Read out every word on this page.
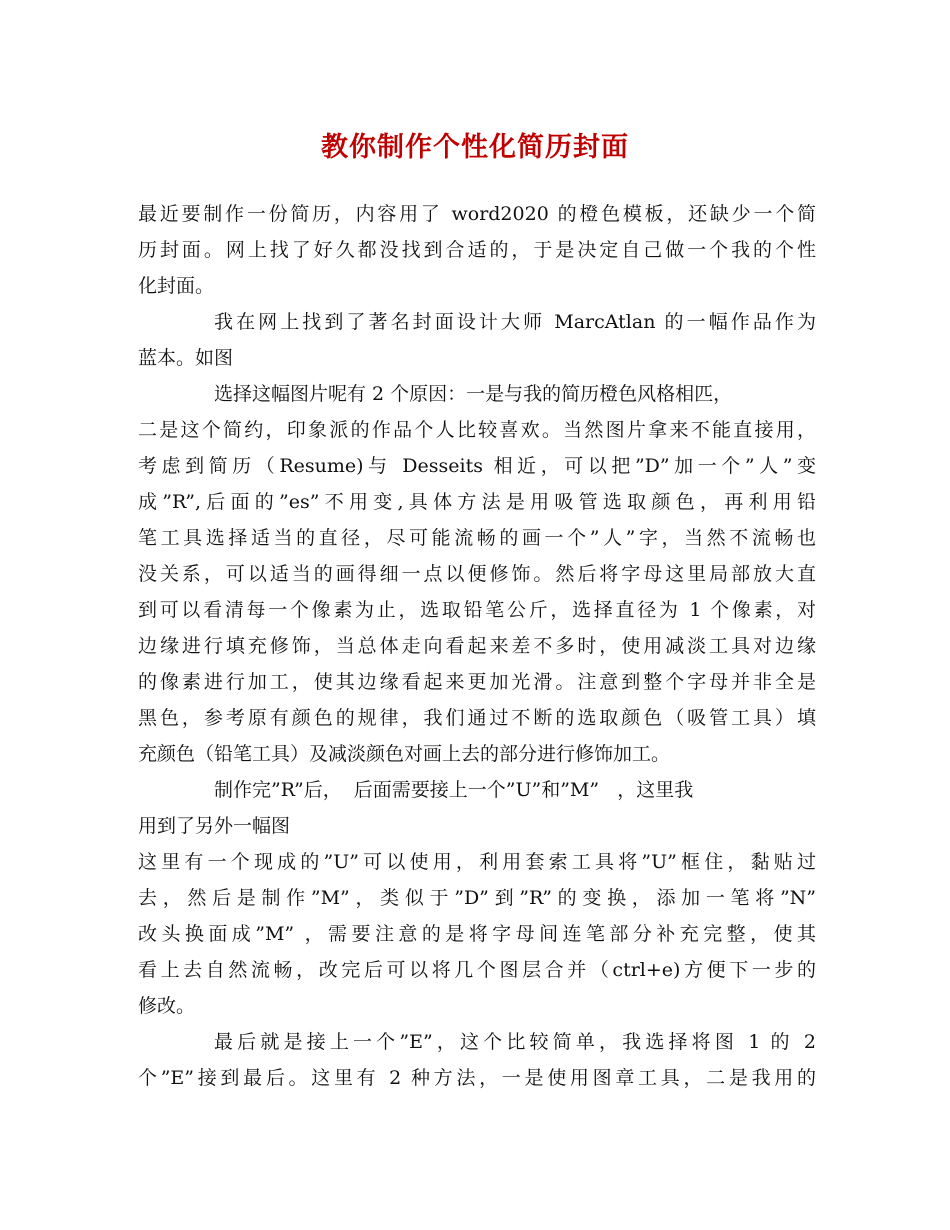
教你制作个性化简历封面
最近要制作一份简历，内容用了 word2020 的橙色模板，还缺少一个简
历封面。网上找了好久都没找到合适的，于是决定自己做一个我的个性
化封面。
我在网上找到了著名封面设计大师 MarcAtlan 的一幅作品作为
蓝本。如图
选择这幅图片呢有 2 个原因：一是与我的简历橙色风格相匹，
二是这个简约，印象派的作品个人比较喜欢。当然图片拿来不能直接用，
考虑到简历（Resume)与 Desseits 相近，可以把”D”加一个”人”变
成”R”,后面的”es”不用变,具体方法是用吸管选取颜色，再利用铅
笔工具选择适当的直径，尽可能流畅的画一个”人”字，当然不流畅也
没关系，可以适当的画得细一点以便修饰。然后将字母这里局部放大直
到可以看清每一个像素为止，选取铅笔公斤，选择直径为 1 个像素，对
边缘进行填充修饰，当总体走向看起来差不多时，使用减淡工具对边缘
的像素进行加工，使其边缘看起来更加光滑。注意到整个字母并非全是
黑色，参考原有颜色的规律，我们通过不断的选取颜色（吸管工具）填
充颜色（铅笔工具）及减淡颜色对画上去的部分进行修饰加工。
制作完”R”后，  后面需要接上一个”U”和”M”   ，这里我
用到了另外一幅图
这里有一个现成的”U”可以使用，利用套索工具将”U”框住，黏贴过
去，然后是制作”M”，类似于”D”到”R”的变换，添加一笔将”N”
改头换面成”M” ，需要注意的是将字母间连笔部分补充完整，使其
看上去自然流畅，改完后可以将几个图层合并（ctrl+e)方便下一步的
修改。
最后就是接上一个”E”，这个比较简单，我选择将图 1 的 2
个”E”接到最后。这里有 2 种方法，一是使用图章工具，二是我用的
